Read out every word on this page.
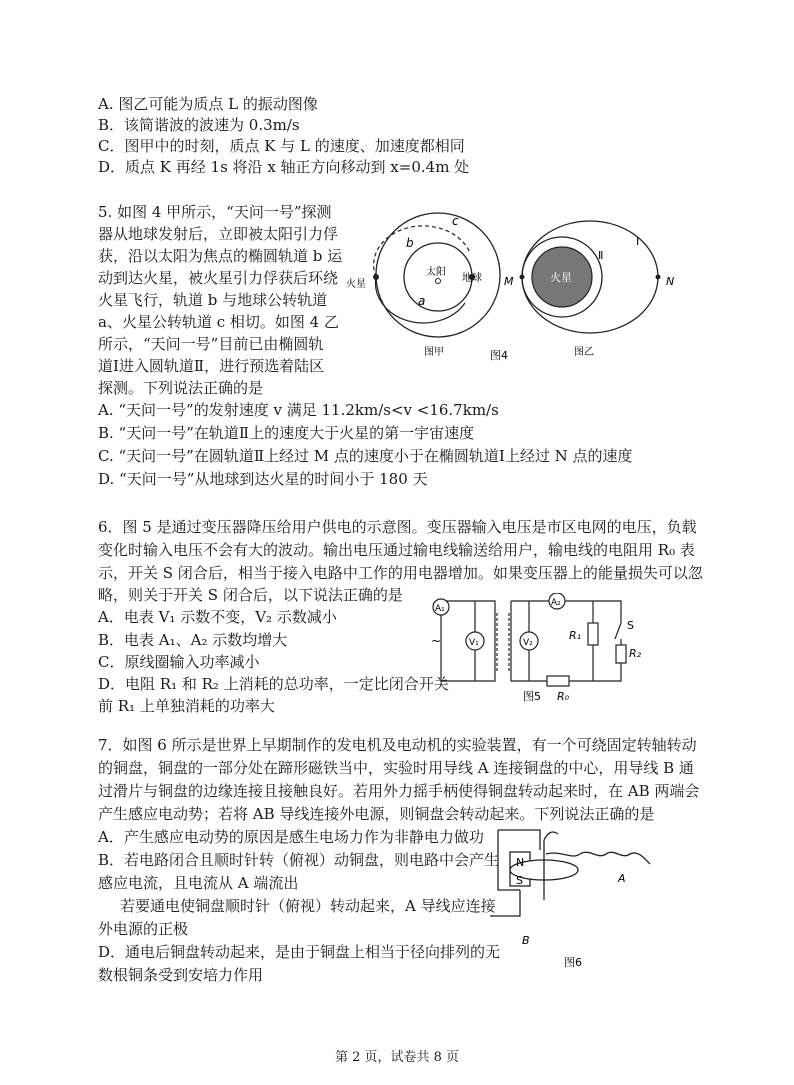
A. 图乙可能为质点 L 的振动图像
B．该简谐波的波速为 0.3m/s
C．图甲中的时刻，质点 K 与 L 的速度、加速度都相同
D．质点 K 再经 1s 将沿 x 轴正方向移动到 x=0.4m 处
5. 如图 4 甲所示，“天问一号”探测
器从地球发射后，立即被太阳引力俘
获，沿以太阳为焦点的椭圆轨道 b 运
动到达火星，被火星引力俘获后环绕
火星飞行，轨道 b 与地球公转轨道
a、火星公转轨道 c 相切。如图 4 乙
所示，“天问一号”目前已由椭圆轨
道Ⅰ进入圆轨道Ⅱ，进行预选着陆区
探测。下列说法正确的是
A. “天问一号”的发射速度 v 满足 11.2km/s<v <16.7km/s
B. “天问一号”在轨道Ⅱ上的速度大于火星的第一宇宙速度
C. “天问一号”在圆轨道Ⅱ上经过 M 点的速度小于在椭圆轨道Ⅰ上经过 N 点的速度
D. “天问一号”从地球到达火星的时间小于 180 天
c
b
a
太阳
地球
火星
图甲	图4
火星
M	N
Ⅱ
Ⅰ
图乙
6．图 5 是通过变压器降压给用户供电的示意图。变压器输入电压是市区电网的电压，负载
变化时输入电压不会有大的波动。输出电压通过输电线输送给用户，输电线的电阻用 R₀ 表
示，开关 S 闭合后，相当于接入电路中工作的用电器增加。如果变压器上的能量损失可以忽
略，则关于开关 S 闭合后，以下说法正确的是
A．电表 V₁ 示数不变，V₂ 示数减小
B．电表 A₁、A₂ 示数均增大
C．原线圈输入功率减小
D．电阻 R₁ 和 R₂ 上消耗的总功率，一定比闭合开关
前 R₁ 上单独消耗的功率大
A₁
A₂
V₁	V₂
R₁
R₂
S
R₀
~
图5
7．如图 6 所示是世界上早期制作的发电机及电动机的实验装置，有一个可绕固定转轴转动
的铜盘，铜盘的一部分处在蹄形磁铁当中，实验时用导线 A 连接铜盘的中心，用导线 B 通
过滑片与铜盘的边缘连接且接触良好。若用外力摇手柄使得铜盘转动起来时，在 AB 两端会
产生感应电动势；若将 AB 导线连接外电源，则铜盘会转动起来。下列说法正确的是
A．产生感应电动势的原因是感生电场力作为非静电力做功
B．若电路闭合且顺时针转（俯视）动铜盘，则电路中会产生
感应电流，且电流从 A 端流出
若要通电使铜盘顺时针（俯视）转动起来，A 导线应连接
外电源的正极
D．通电后铜盘转动起来，是由于铜盘上相当于径向排列的无
数根铜条受到安培力作用
N
S	A
B
图6
第 2 页，试卷共 8 页
